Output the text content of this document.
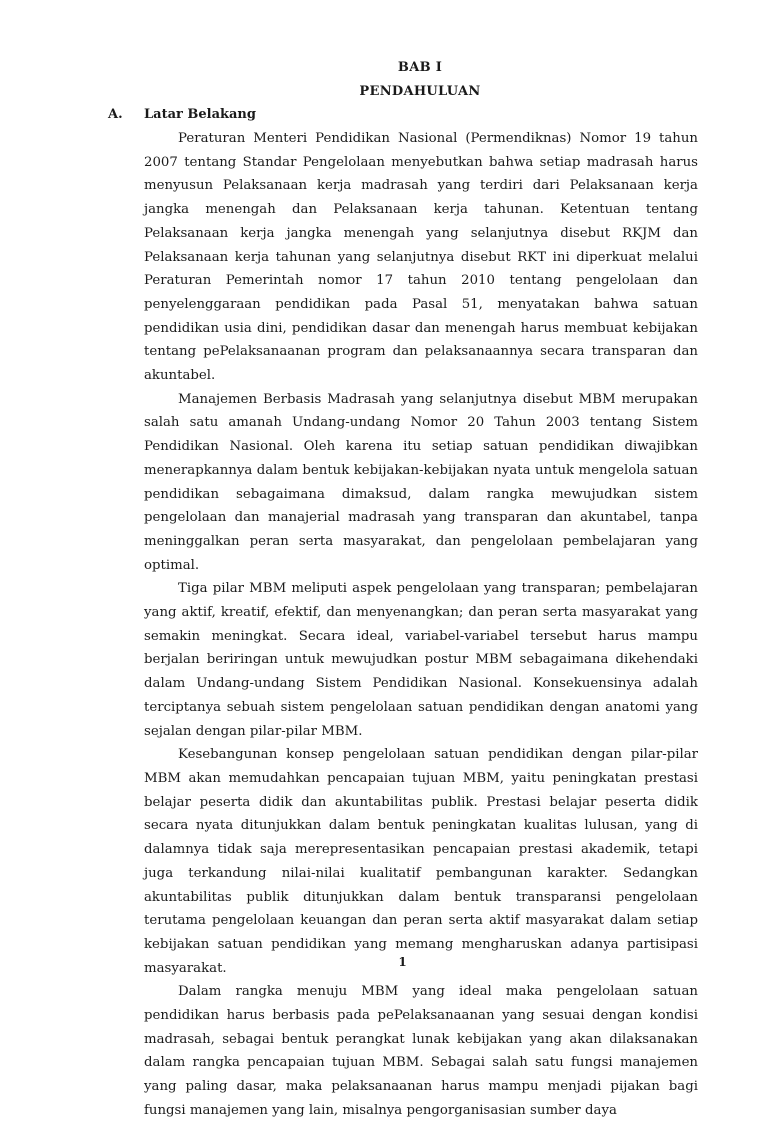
BAB I
PENDAHULUAN
A. Latar Belakang

Peraturan Menteri Pendidikan Nasional (Permendiknas) Nomor 19 tahun 2007 tentang Standar Pengelolaan menyebutkan bahwa setiap madrasah harus menyusun Pelaksanaan kerja madrasah yang terdiri dari Pelaksanaan kerja jangka menengah dan Pelaksanaan kerja tahunan. Ketentuan tentang Pelaksanaan kerja jangka menengah yang selanjutnya disebut RKJM dan Pelaksanaan kerja tahunan yang selanjutnya disebut RKT ini diperkuat melalui Peraturan Pemerintah nomor 17 tahun 2010 tentang pengelolaan dan penyelenggaraan pendidikan pada Pasal 51, menyatakan bahwa satuan pendidikan usia dini, pendidikan dasar dan menengah harus membuat kebijakan tentang pePelaksanaanan program dan pelaksanaannya secara transparan dan akuntabel.

Manajemen Berbasis Madrasah yang selanjutnya disebut MBM merupakan salah satu amanah Undang-undang Nomor 20 Tahun 2003 tentang Sistem Pendidikan Nasional. Oleh karena itu setiap satuan pendidikan diwajibkan menerapkannya dalam bentuk kebijakan-kebijakan nyata untuk mengelola satuan pendidikan sebagaimana dimaksud, dalam rangka mewujudkan sistem pengelolaan dan manajerial madrasah yang transparan dan akuntabel, tanpa meninggalkan peran serta masyarakat, dan pengelolaan pembelajaran yang optimal.

Tiga pilar MBM meliputi aspek pengelolaan yang transparan; pembelajaran yang aktif, kreatif, efektif, dan menyenangkan; dan peran serta masyarakat yang semakin meningkat. Secara ideal, variabel-variabel tersebut harus mampu berjalan beriringan untuk mewujudkan postur MBM sebagaimana dikehendaki dalam Undang-undang Sistem Pendidikan Nasional. Konsekuensinya adalah terciptanya sebuah sistem pengelolaan satuan pendidikan dengan anatomi yang sejalan dengan pilar-pilar MBM.

Kesebangunan konsep pengelolaan satuan pendidikan dengan pilar-pilar MBM akan memudahkan pencapaian tujuan MBM, yaitu peningkatan prestasi belajar peserta didik dan akuntabilitas publik. Prestasi belajar peserta didik secara nyata ditunjukkan dalam bentuk peningkatan kualitas lulusan, yang di dalamnya tidak saja merepresentasikan pencapaian prestasi akademik, tetapi juga terkandung nilai-nilai kualitatif pembangunan karakter. Sedangkan akuntabilitas publik ditunjukkan dalam bentuk transparansi pengelolaan terutama pengelolaan keuangan dan peran serta aktif masyarakat dalam setiap kebijakan satuan pendidikan yang memang mengharuskan adanya partisipasi masyarakat.

Dalam rangka menuju MBM yang ideal maka pengelolaan satuan pendidikan harus berbasis pada pePelaksanaanan yang sesuai dengan kondisi madrasah, sebagai bentuk perangkat lunak kebijakan yang akan dilaksanakan dalam rangka pencapaian tujuan MBM. Sebagai salah satu fungsi manajemen yang paling dasar, maka pelaksanaanan harus mampu menjadi pijakan bagi fungsi manajemen yang lain, misalnya pengorganisasian sumber daya

1
